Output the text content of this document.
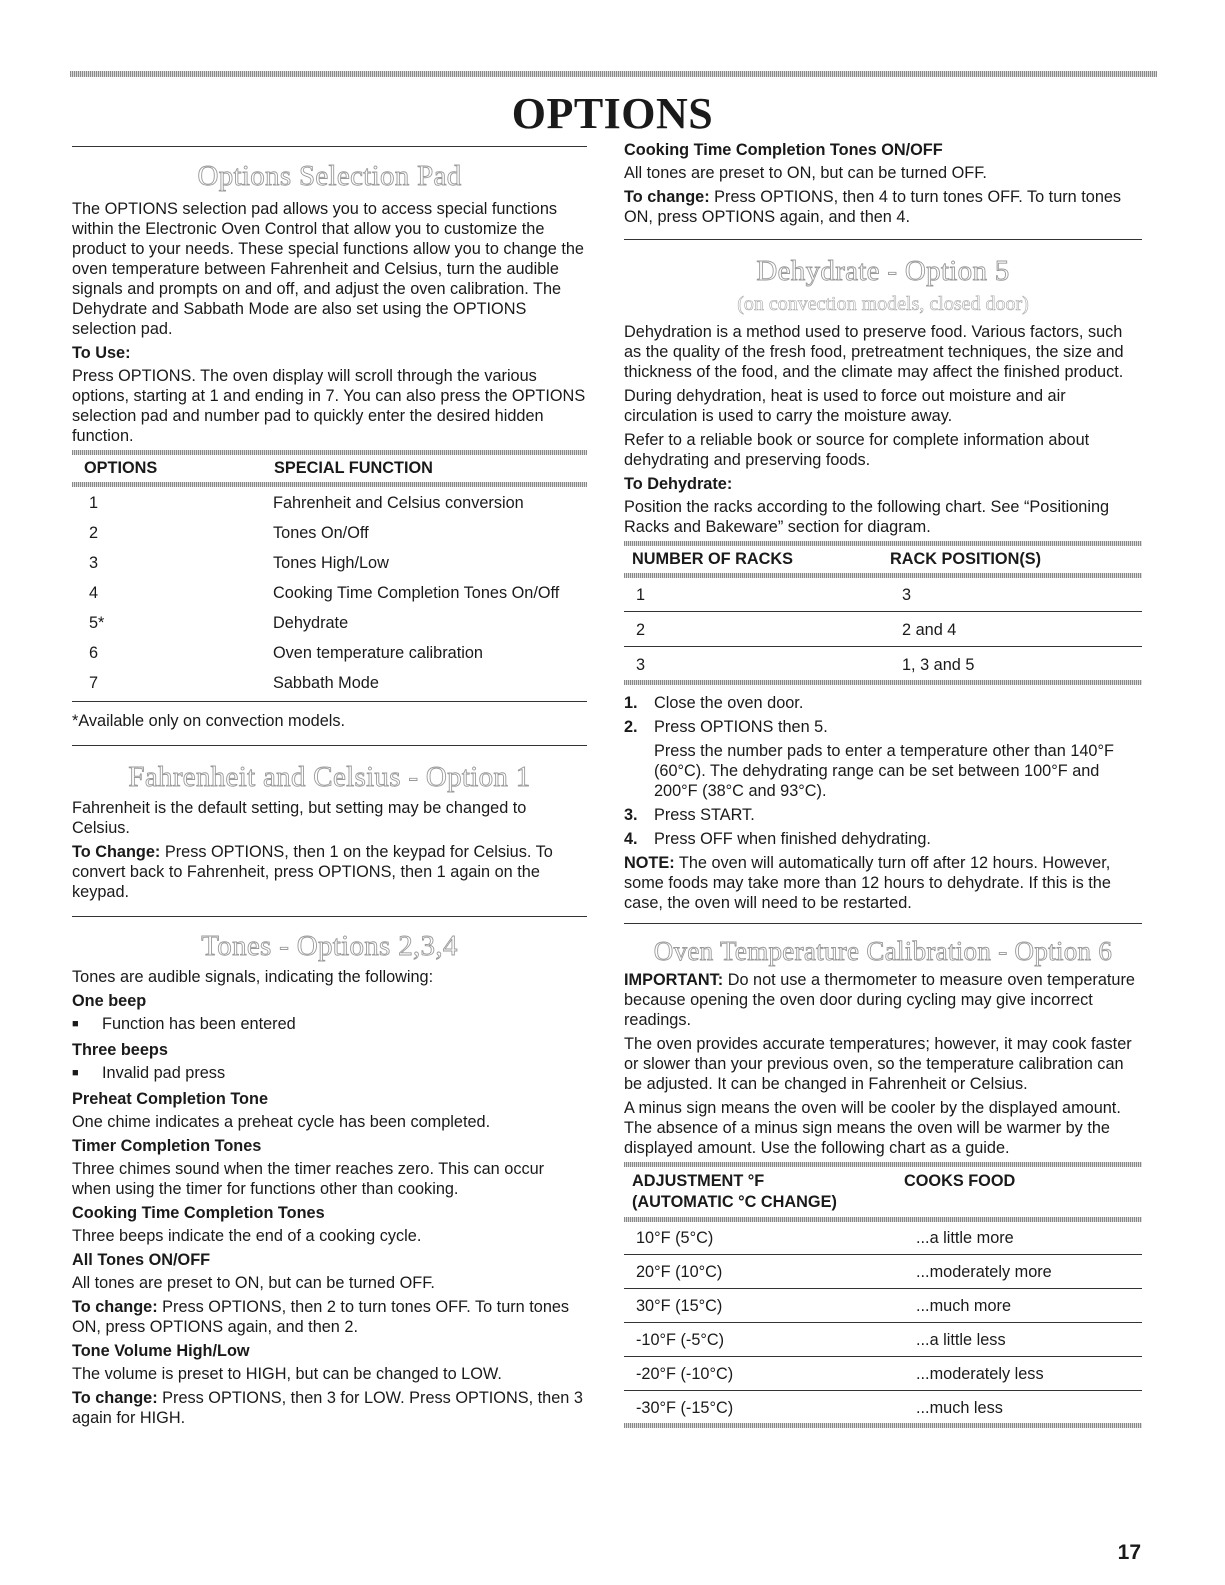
OPTIONS
Options Selection Pad

The OPTIONS selection pad allows you to access special functions within the Electronic Oven Control that allow you to customize the product to your needs. These special functions allow you to change the oven temperature between Fahrenheit and Celsius, turn the audible signals and prompts on and off, and adjust the oven calibration. The Dehydrate and Sabbath Mode are also set using the OPTIONS selection pad.

To Use:

Press OPTIONS. The oven display will scroll through the various options, starting at 1 and ending in 7. You can also press the OPTIONS selection pad and number pad to quickly enter the desired hidden function.

OPTIONS	SPECIAL FUNCTION
1	Fahrenheit and Celsius conversion
2	Tones On/Off
3	Tones High/Low
4	Cooking Time Completion Tones On/Off
5*	Dehydrate
6	Oven temperature calibration
7	Sabbath Mode

*Available only on convection models.

Fahrenheit and Celsius - Option 1

Fahrenheit is the default setting, but setting may be changed to Celsius.

To Change: Press OPTIONS, then 1 on the keypad for Celsius. To convert back to Fahrenheit, press OPTIONS, then 1 again on the keypad.

Tones - Options 2,3,4

Tones are audible signals, indicating the following:

One beep
■ Function has been entered
Three beeps
■ Invalid pad press
Preheat Completion Tone

One chime indicates a preheat cycle has been completed.

Timer Completion Tones

Three chimes sound when the timer reaches zero. This can occur when using the timer for functions other than cooking.

Cooking Time Completion Tones

Three beeps indicate the end of a cooking cycle.

All Tones ON/OFF

All tones are preset to ON, but can be turned OFF.

To change: Press OPTIONS, then 2 to turn tones OFF. To turn tones ON, press OPTIONS again, and then 2.

Tone Volume High/Low

The volume is preset to HIGH, but can be changed to LOW.

To change: Press OPTIONS, then 3 for LOW. Press OPTIONS, then 3 again for HIGH.

Cooking Time Completion Tones ON/OFF

All tones are preset to ON, but can be turned OFF.

To change: Press OPTIONS, then 4 to turn tones OFF. To turn tones ON, press OPTIONS again, and then 4.

Dehydrate - Option 5
(on convection models, closed door)

Dehydration is a method used to preserve food. Various factors, such as the quality of the fresh food, pretreatment techniques, the size and thickness of the food, and the climate may affect the finished product.

During dehydration, heat is used to force out moisture and air circulation is used to carry the moisture away.

Refer to a reliable book or source for complete information about dehydrating and preserving foods.

To Dehydrate:

Position the racks according to the following chart. See “Positioning Racks and Bakeware” section for diagram.

NUMBER OF RACKS	RACK POSITION(S)
1	3
2	2 and 4
3	1, 3 and 5

1. Close the oven door.

2. Press OPTIONS then 5.

Press the number pads to enter a temperature other than 140°F (60°C). The dehydrating range can be set between 100°F and 200°F (38°C and 93°C).

3. Press START.

4. Press OFF when finished dehydrating.

NOTE: The oven will automatically turn off after 12 hours. However, some foods may take more than 12 hours to dehydrate. If this is the case, the oven will need to be restarted.

Oven Temperature Calibration - Option 6

IMPORTANT: Do not use a thermometer to measure oven temperature because opening the oven door during cycling may give incorrect readings.

The oven provides accurate temperatures; however, it may cook faster or slower than your previous oven, so the temperature calibration can be adjusted. It can be changed in Fahrenheit or Celsius.

A minus sign means the oven will be cooler by the displayed amount. The absence of a minus sign means the oven will be warmer by the displayed amount. Use the following chart as a guide.

ADJUSTMENT °F
(AUTOMATIC °C CHANGE)	COOKS FOOD
10°F (5°C)	...a little more
20°F (10°C)	...moderately more
30°F (15°C)	...much more
-10°F (-5°C)	...a little less
-20°F (-10°C)	...moderately less
-30°F (-15°C)	...much less
17
